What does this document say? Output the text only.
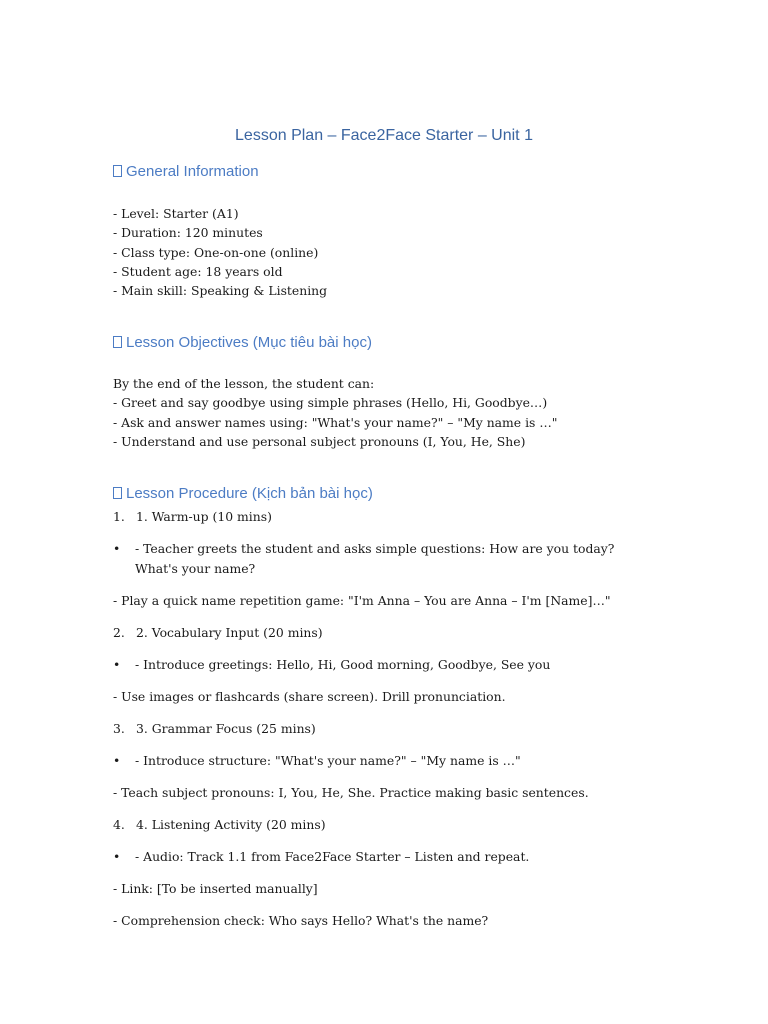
Lesson Plan – Face2Face Starter – Unit 1
General Information
- Level: Starter (A1)
- Duration: 120 minutes
- Class type: One-on-one (online)
- Student age: 18 years old
- Main skill: Speaking & Listening
Lesson Objectives (Mục tiêu bài học)
By the end of the lesson, the student can:
- Greet and say goodbye using simple phrases (Hello, Hi, Goodbye…)
- Ask and answer names using: "What's your name?" – "My name is …"
- Understand and use personal subject pronouns (I, You, He, She)
Lesson Procedure (Kịch bản bài học)
1. 1. Warm-up (10 mins)
•	- Teacher greets the student and asks simple questions: How are you today? What's your name?
- Play a quick name repetition game: "I'm Anna – You are Anna – I'm [Name]…"
2. 2. Vocabulary Input (20 mins)
•	- Introduce greetings: Hello, Hi, Good morning, Goodbye, See you
- Use images or flashcards (share screen). Drill pronunciation.
3. 3. Grammar Focus (25 mins)
•	- Introduce structure: "What's your name?" – "My name is …"
- Teach subject pronouns: I, You, He, She. Practice making basic sentences.
4. 4. Listening Activity (20 mins)
•	- Audio: Track 1.1 from Face2Face Starter – Listen and repeat.
- Link: [To be inserted manually]
- Comprehension check: Who says Hello? What's the name?
